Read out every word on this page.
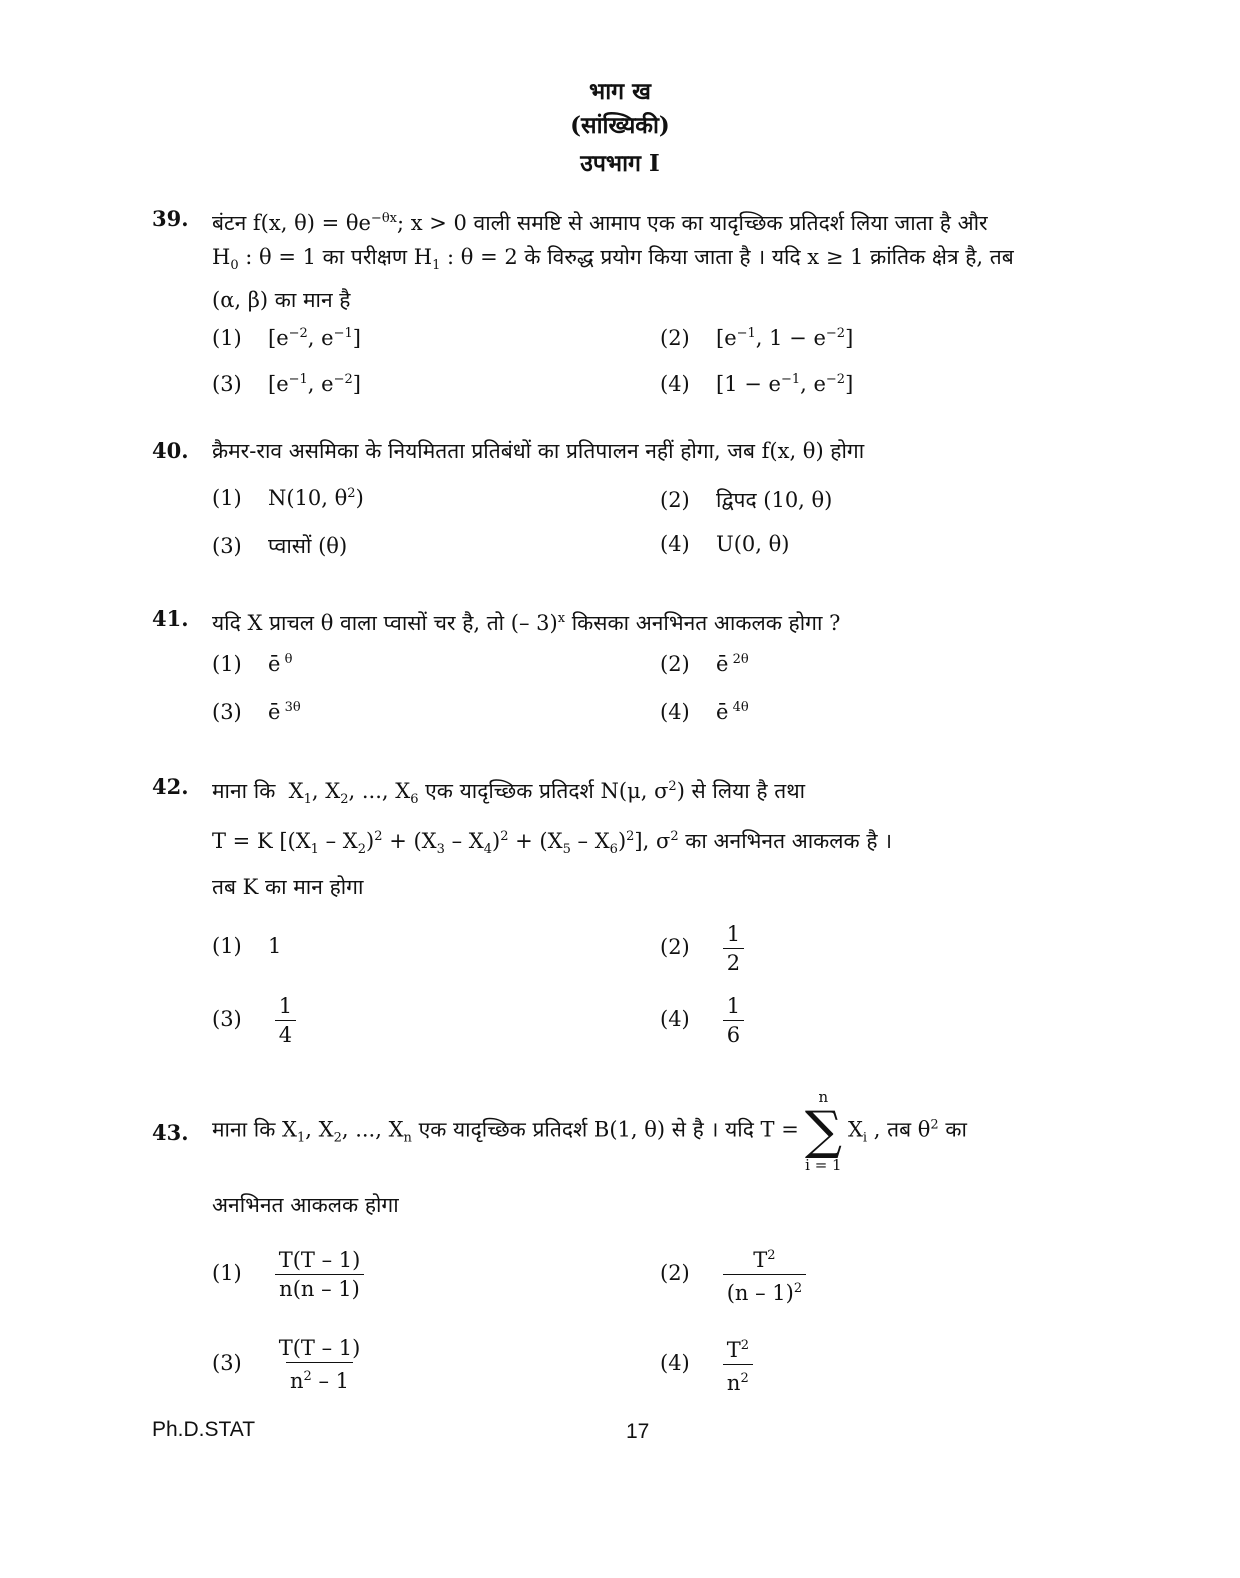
भाग ख
(सांख्यिकी)
उपभाग I
39. बंटन f(x, $\theta) = \theta e^{-\theta x}$; x > 0 वाली समष्टि से आमाप एक का यादृच्छिक प्रतिदर्श लिया जाता है और
$H_0$ : θ = 1 का परीक्षण $H_1$ : θ = 2 के विरुद्ध प्रयोग किया जाता है । यदि x ≥ 1 क्रांतिक क्षेत्र है, तब
(α, β) का मान है
(1) [$e^{-2}$, $e^{-1}$]	(2) [$e^{-1}$, $1 - e^{-2}$]
(3) [$e^{-1}$, $e^{-2}$]	(4) [$1 - e^{-1}$, $e^{-2}$]
40. क्रैमर-राव असमिका के नियमितता प्रतिबंधों का प्रतिपालन नहीं होगा, जब f(x, θ) होगा
(1) N(10, $\theta^2$)	(2) द्विपद (10, θ)
(3) प्वासों (θ)	(4) U(0, θ)
41. यदि X प्राचल θ वाला प्वासों चर है, तो (– 3)$^x$ किसका अनभिनत आकलक होगा ?
(1) ē $^\theta$	(2) ē $^{2\theta}$
(3) ē $^{3\theta}$	(4) ē $^{4\theta}$
42. माना कि  $X_1$, $X_2$, ..., $X_6$ एक यादृच्छिक प्रतिदर्श N(μ, $\sigma^2$) से लिया है तथा
T = K $[(X_1 - X_2)^2 + (X_3 - X_4)^2 + (X_5 - X_6)^2]$, $\sigma^2$ का अनभिनत आकलक है ।
तब K का मान होगा
(1) 1	$(2) \frac{1}{2}$
$(3) \frac{1}{4}$	$(4) \frac{1}{6}$
43. माना कि $X_1$, $X_2$, ..., $X_n$ एक यादृच्छिक प्रतिदर्श B(1, θ) से है । यदि T =
n
∑
i = 1
$X_i$ , तब $\theta^2$ का
अनभिनत आकलक होगा
$(1) \frac{T(T - 1)}{n(n - 1)}$	$(2) \frac{T^2}{(n - 1)^2}$
$(3) \frac{T(T - 1)}{n^2 - 1}$	$(4) \frac{T^2}{n^2}$
Ph.D.STAT	17
